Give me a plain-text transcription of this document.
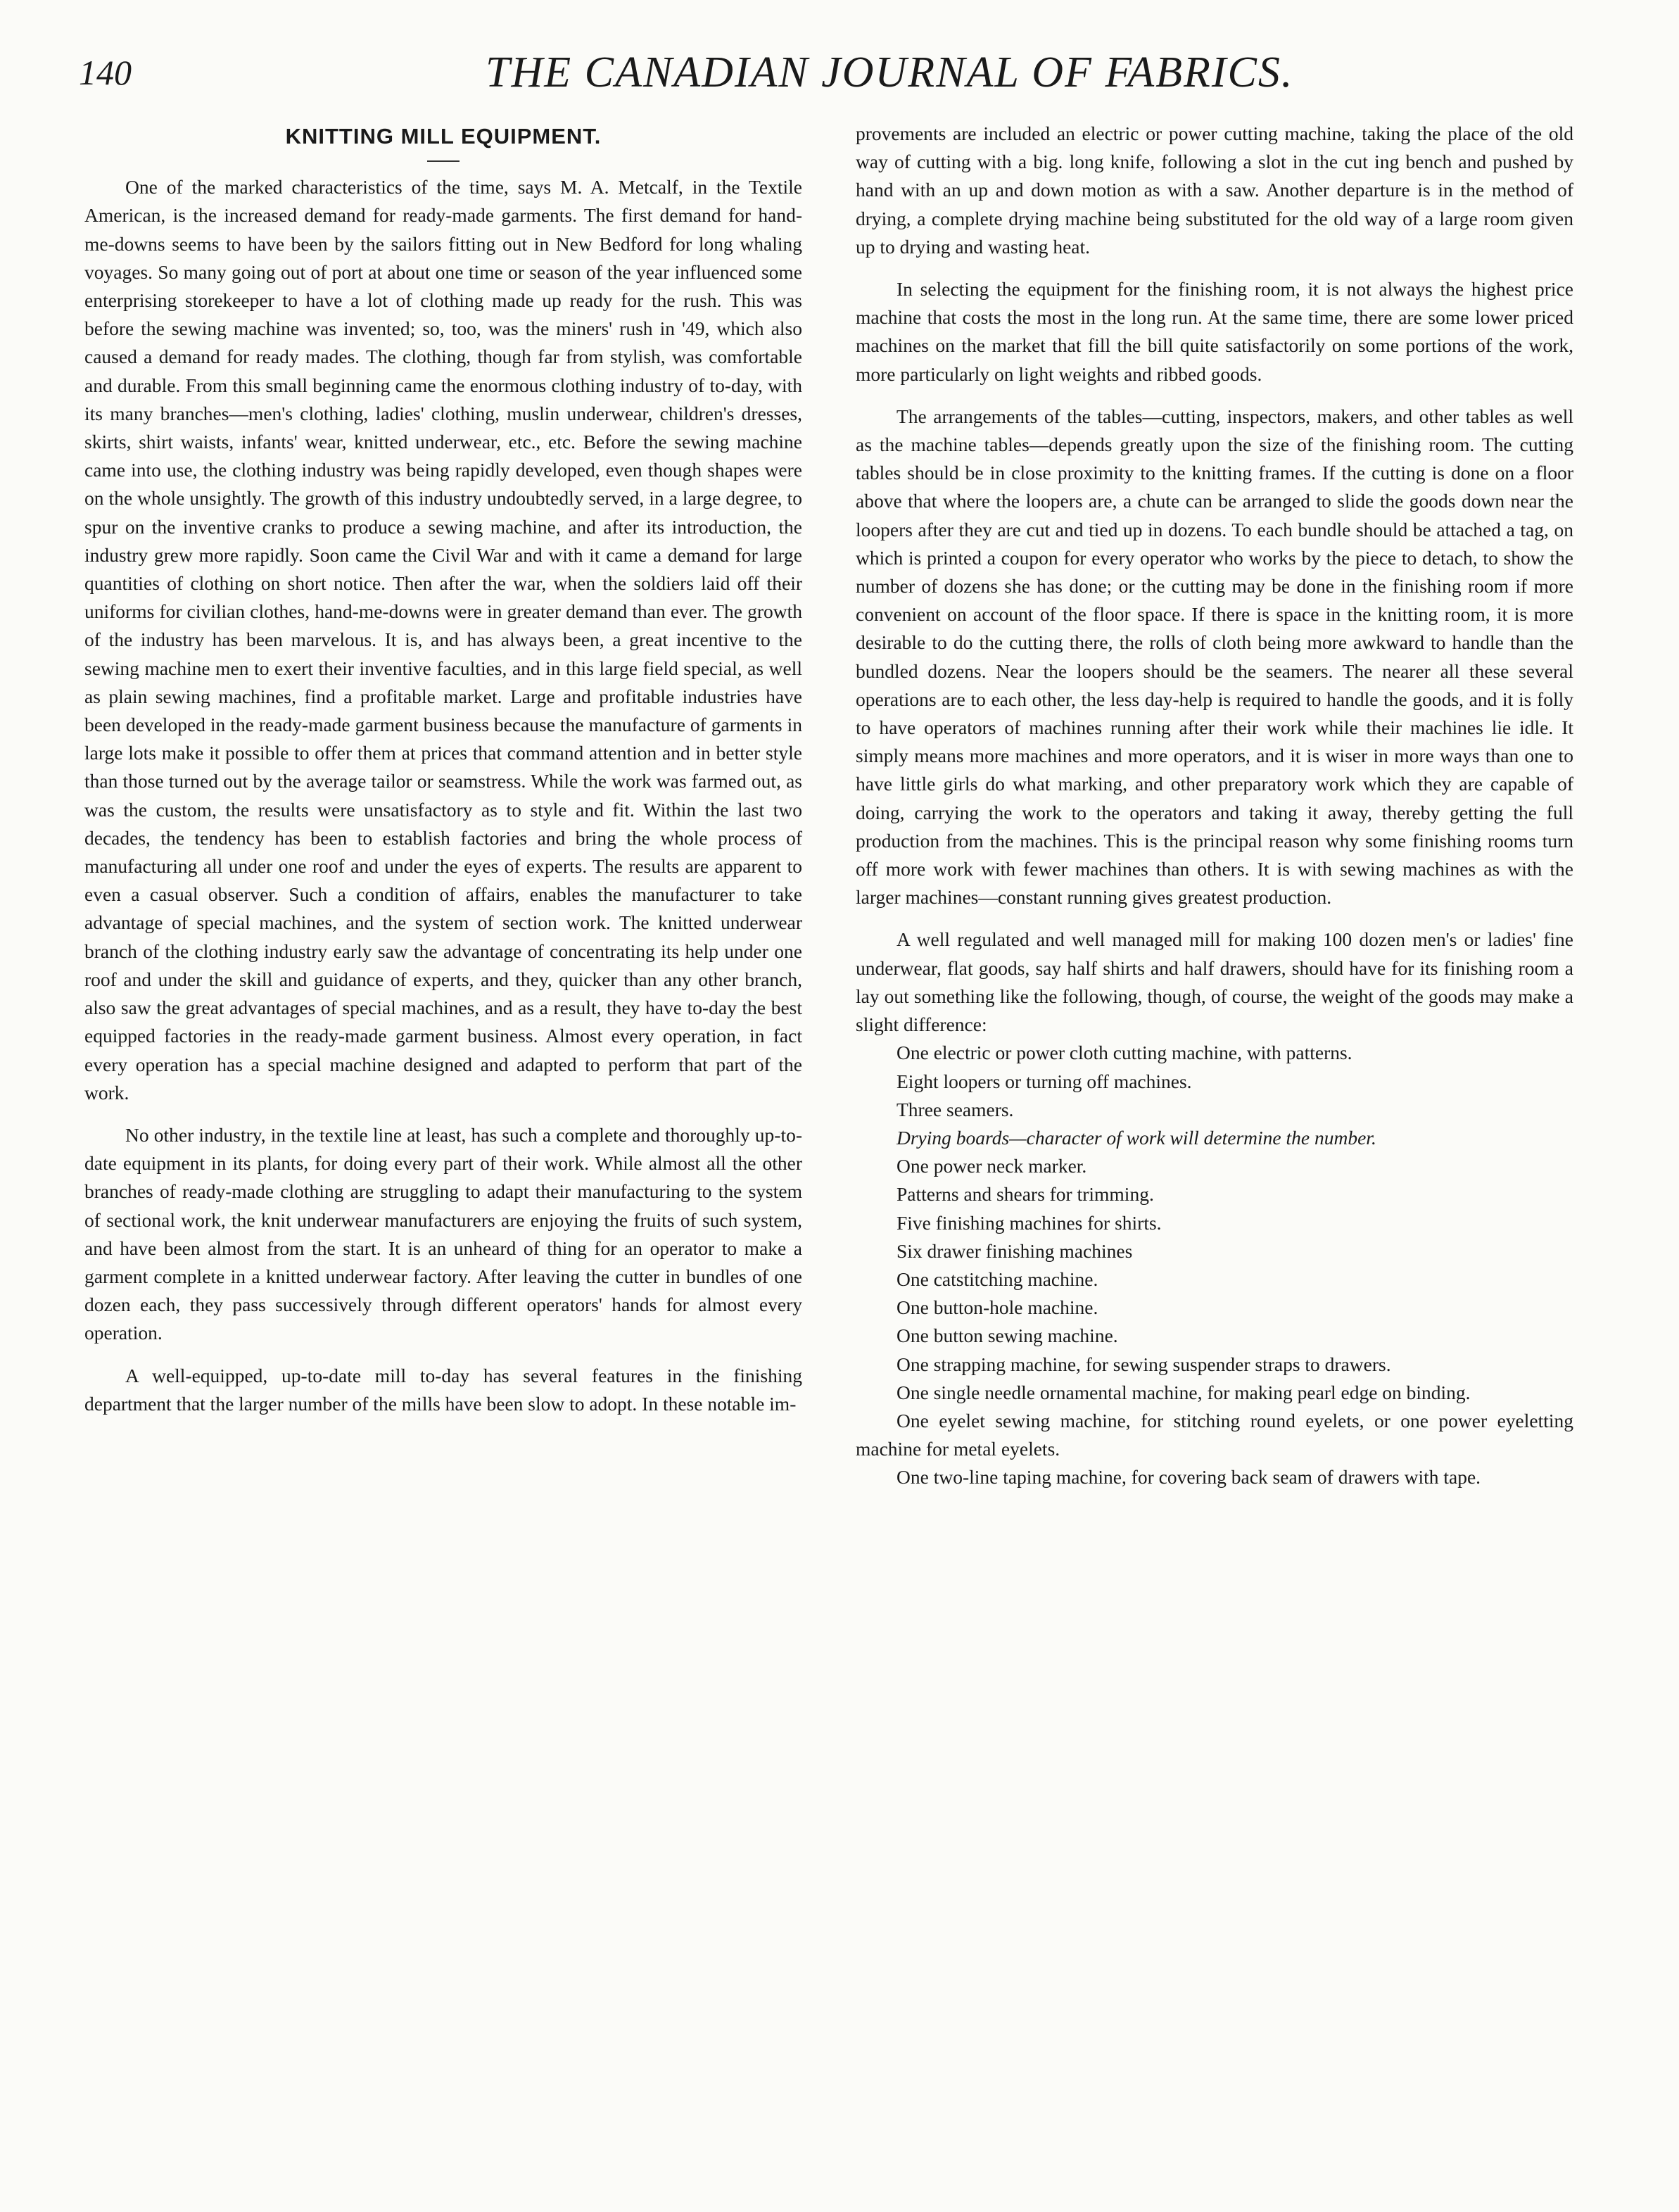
140	THE CANADIAN JOURNAL OF FABRICS.
KNITTING MILL EQUIPMENT.

One of the marked characteristics of the time, says M. A. Metcalf, in the Textile American, is the increased demand for ready-made garments. The first demand for hand-me-downs seems to have been by the sailors fitting out in New Bedford for long whaling voyages. So many going out of port at about one time or season of the year influenced some enterprising storekeeper to have a lot of clothing made up ready for the rush. This was before the sewing machine was invented; so, too, was the miners' rush in '49, which also caused a demand for ready mades. The clothing, though far from stylish, was comfortable and durable. From this small beginning came the enormous clothing industry of to-day, with its many branches—men's clothing, ladies' clothing, muslin underwear, children's dresses, skirts, shirt waists, infants' wear, knitted underwear, etc., etc. Before the sewing machine came into use, the clothing industry was being rapidly developed, even though shapes were on the whole unsightly. The growth of this industry undoubtedly served, in a large degree, to spur on the inventive cranks to produce a sewing machine, and after its introduction, the industry grew more rapidly. Soon came the Civil War and with it came a demand for large quantities of clothing on short notice. Then after the war, when the soldiers laid off their uniforms for civilian clothes, hand-me-downs were in greater demand than ever. The growth of the industry has been marvelous. It is, and has always been, a great incentive to the sewing machine men to exert their inventive faculties, and in this large field special, as well as plain sewing machines, find a profitable market. Large and profitable industries have been developed in the ready-made garment business because the manufacture of garments in large lots make it possible to offer them at prices that command attention and in better style than those turned out by the average tailor or seamstress. While the work was farmed out, as was the custom, the results were unsatisfactory as to style and fit. Within the last two decades, the tendency has been to establish factories and bring the whole process of manufacturing all under one roof and under the eyes of experts. The results are apparent to even a casual observer. Such a condition of affairs, enables the manufacturer to take advantage of special machines, and the system of section work. The knitted underwear branch of the clothing industry early saw the advantage of concentrating its help under one roof and under the skill and guidance of experts, and they, quicker than any other branch, also saw the great advantages of special machines, and as a result, they have to-day the best equipped factories in the ready-made garment business. Almost every operation, in fact every operation has a special machine designed and adapted to perform that part of the work.

No other industry, in the textile line at least, has such a complete and thoroughly up-to-date equipment in its plants, for doing every part of their work. While almost all the other branches of ready-made clothing are struggling to adapt their manufacturing to the system of sectional work, the knit underwear manufacturers are enjoying the fruits of such system, and have been almost from the start. It is an unheard of thing for an operator to make a garment complete in a knitted underwear factory. After leaving the cutter in bundles of one dozen each, they pass successively through different operators' hands for almost every operation.

A well-equipped, up-to-date mill to-day has several features in the finishing department that the larger number of the mills have been slow to adopt. In these notable im-

provements are included an electric or power cutting machine, taking the place of the old way of cutting with a big. long knife, following a slot in the cut ing bench and pushed by hand with an up and down motion as with a saw. Another departure is in the method of drying, a complete drying machine being substituted for the old way of a large room given up to drying and wasting heat.

In selecting the equipment for the finishing room, it is not always the highest price machine that costs the most in the long run. At the same time, there are some lower priced machines on the market that fill the bill quite satisfactorily on some portions of the work, more particularly on light weights and ribbed goods.

The arrangements of the tables—cutting, inspectors, makers, and other tables as well as the machine tables—depends greatly upon the size of the finishing room. The cutting tables should be in close proximity to the knitting frames. If the cutting is done on a floor above that where the loopers are, a chute can be arranged to slide the goods down near the loopers after they are cut and tied up in dozens. To each bundle should be attached a tag, on which is printed a coupon for every operator who works by the piece to detach, to show the number of dozens she has done; or the cutting may be done in the finishing room if more convenient on account of the floor space. If there is space in the knitting room, it is more desirable to do the cutting there, the rolls of cloth being more awkward to handle than the bundled dozens. Near the loopers should be the seamers. The nearer all these several operations are to each other, the less day-help is required to handle the goods, and it is folly to have operators of machines running after their work while their machines lie idle. It simply means more machines and more operators, and it is wiser in more ways than one to have little girls do what marking, and other preparatory work which they are capable of doing, carrying the work to the operators and taking it away, thereby getting the full production from the machines. This is the principal reason why some finishing rooms turn off more work with fewer machines than others. It is with sewing machines as with the larger machines—constant running gives greatest production.

A well regulated and well managed mill for making 100 dozen men's or ladies' fine underwear, flat goods, say half shirts and half drawers, should have for its finishing room a lay out something like the following, though, of course, the weight of the goods may make a slight difference:

One electric or power cloth cutting machine, with patterns.

Eight loopers or turning off machines.

Three seamers.

Drying boards—character of work will determine the number.

One power neck marker.

Patterns and shears for trimming.

Five finishing machines for shirts.

Six drawer finishing machines

One catstitching machine.

One button-hole machine.

One button sewing machine.

One strapping machine, for sewing suspender straps to drawers.

One single needle ornamental machine, for making pearl edge on binding.

One eyelet sewing machine, for stitching round eyelets, or one power eyeletting machine for metal eyelets.

One two-line taping machine, for covering back seam of drawers with tape.
